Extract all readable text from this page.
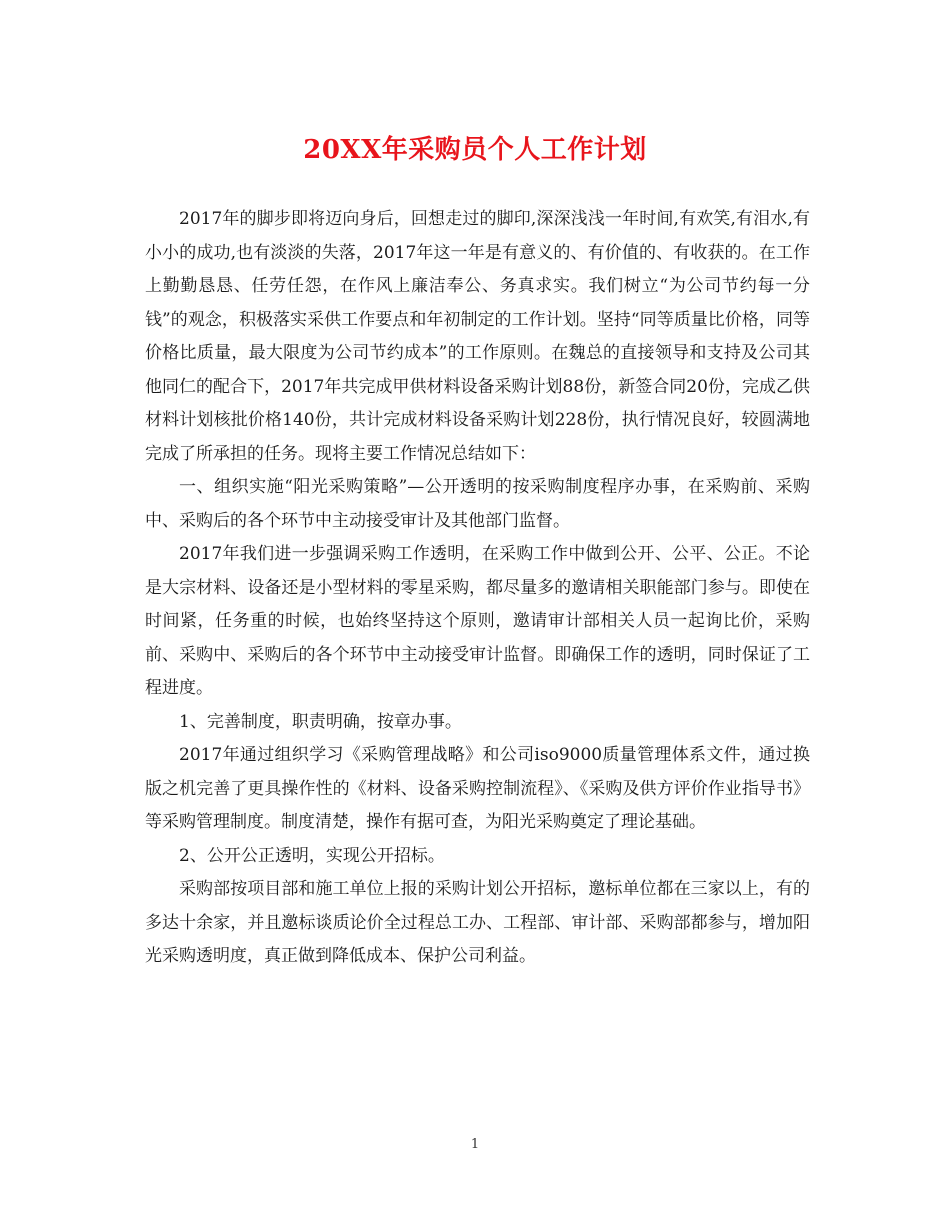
20XX年采购员个人工作计划

2017年的脚步即将迈向身后，回想走过的脚印,深深浅浅一年时间,有欢笑,有泪水,有小小的成功,也有淡淡的失落，2017年这一年是有意义的、有价值的、有收获的。在工作上勤勤恳恳、任劳任怨，在作风上廉洁奉公、务真求实。我们树立“为公司节约每一分钱”的观念，积极落实采供工作要点和年初制定的工作计划。坚持“同等质量比价格，同等价格比质量，最大限度为公司节约成本”的工作原则。在魏总的直接领导和支持及公司其他同仁的配合下，2017年共完成甲供材料设备采购计划88份，新签合同20份，完成乙供材料计划核批价格140份，共计完成材料设备采购计划228份，执行情况良好，较圆满地完成了所承担的任务。现将主要工作情况总结如下：

一、组织实施“阳光采购策略”—公开透明的按采购制度程序办事，在采购前、采购中、采购后的各个环节中主动接受审计及其他部门监督。

2017年我们进一步强调采购工作透明，在采购工作中做到公开、公平、公正。不论是大宗材料、设备还是小型材料的零星采购，都尽量多的邀请相关职能部门参与。即使在时间紧，任务重的时候，也始终坚持这个原则，邀请审计部相关人员一起询比价，采购前、采购中、采购后的各个环节中主动接受审计监督。即确保工作的透明，同时保证了工程进度。

1、完善制度，职责明确，按章办事。

2017年通过组织学习《采购管理战略》和公司iso9000质量管理体系文件，通过换版之机完善了更具操作性的《材料、设备采购控制流程》、《采购及供方评价作业指导书》等采购管理制度。制度清楚，操作有据可查，为阳光采购奠定了理论基础。

2、公开公正透明，实现公开招标。

采购部按项目部和施工单位上报的采购计划公开招标，邀标单位都在三家以上，有的多达十余家，并且邀标谈质论价全过程总工办、工程部、审计部、采购部都参与，增加阳光采购透明度，真正做到降低成本、保护公司利益。

1
